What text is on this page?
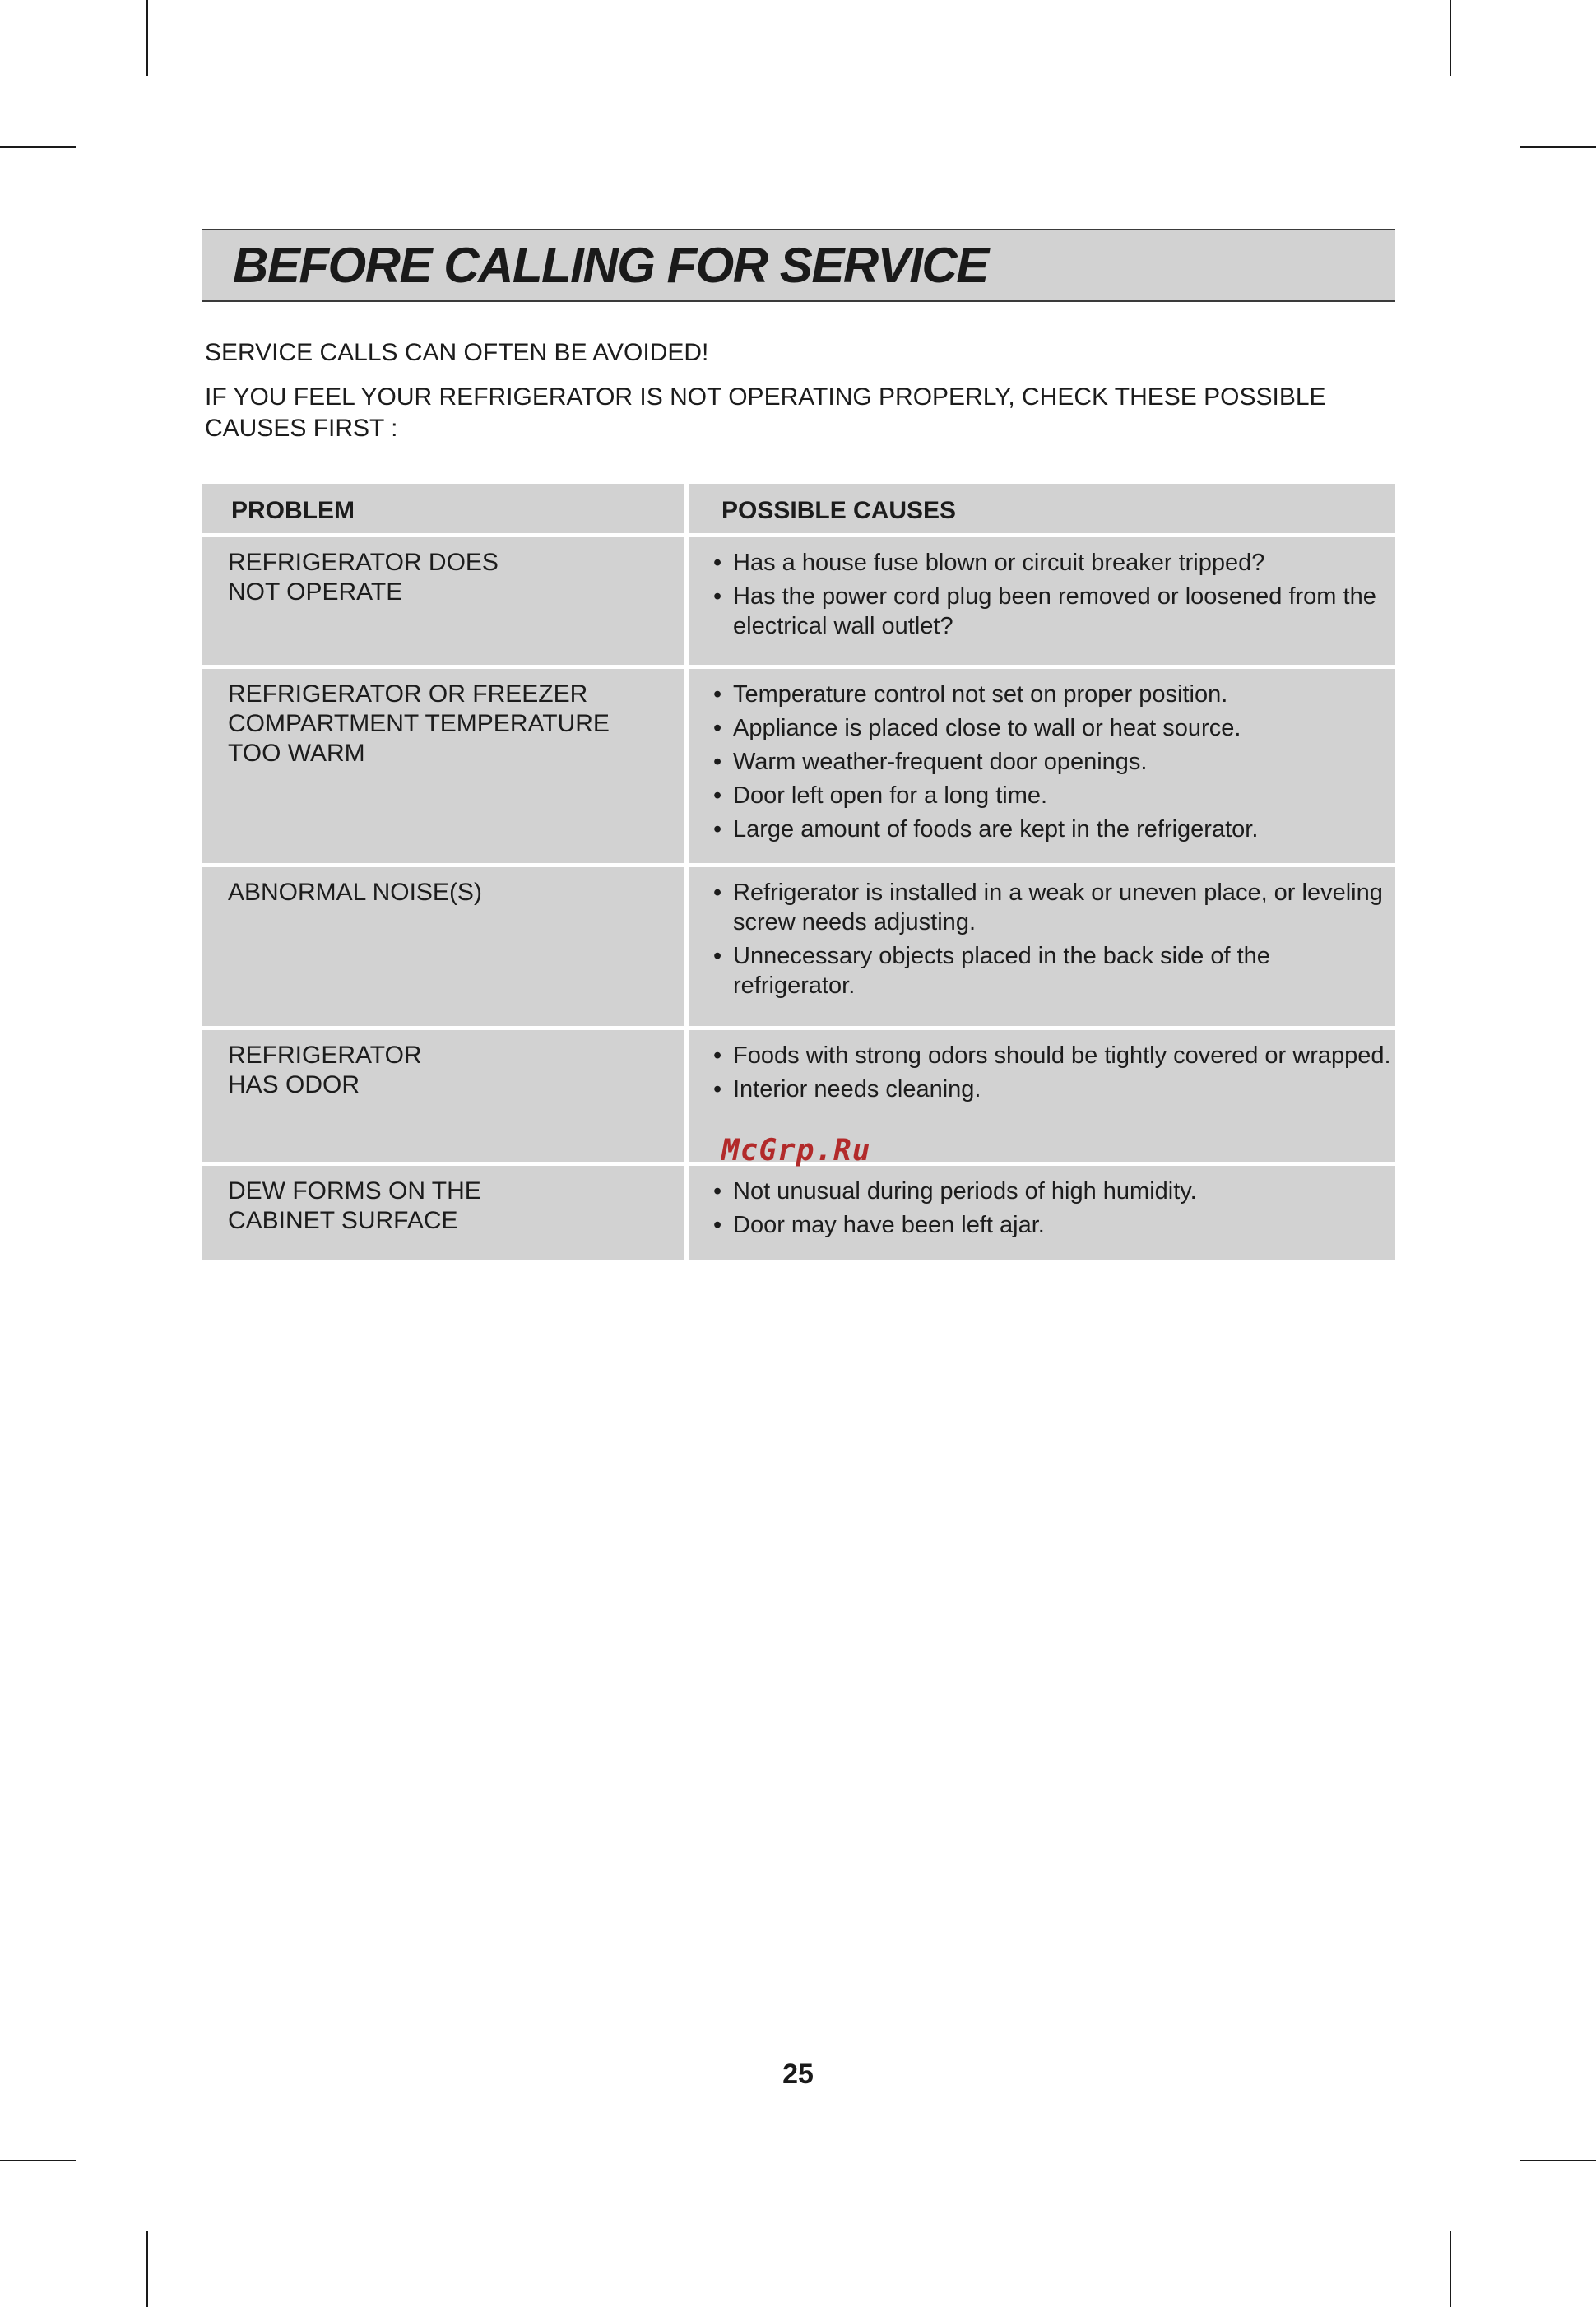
BEFORE CALLING FOR SERVICE
SERVICE CALLS CAN OFTEN BE AVOIDED!
IF YOU FEEL YOUR REFRIGERATOR IS NOT OPERATING PROPERLY, CHECK THESE POSSIBLE
CAUSES FIRST :
PROBLEM	POSSIBLE CAUSES
REFRIGERATOR DOES
NOT OPERATE
• Has a house fuse blown or circuit breaker tripped?
• Has the power cord plug been removed or loosened from the electrical wall outlet?
REFRIGERATOR OR FREEZER
COMPARTMENT TEMPERATURE
TOO WARM
• Temperature control not set on proper position.
• Appliance is placed close to wall or heat source.
• Warm weather-frequent door openings.
• Door left open for a long time.
• Large amount of foods are kept in the refrigerator.
ABNORMAL NOISE(S)
•	Refrigerator is installed in a weak or uneven place, or leveling screw needs adjusting.
• Unnecessary objects placed in the back side of the refrigerator.
REFRIGERATOR
HAS ODOR
• Foods with strong odors should be tightly covered or wrapped.
• Interior needs cleaning.
DEW FORMS ON THE
CABINET SURFACE
• Not unusual during periods of high humidity.
• Door may have been left ajar.
McGrp.Ru
25
